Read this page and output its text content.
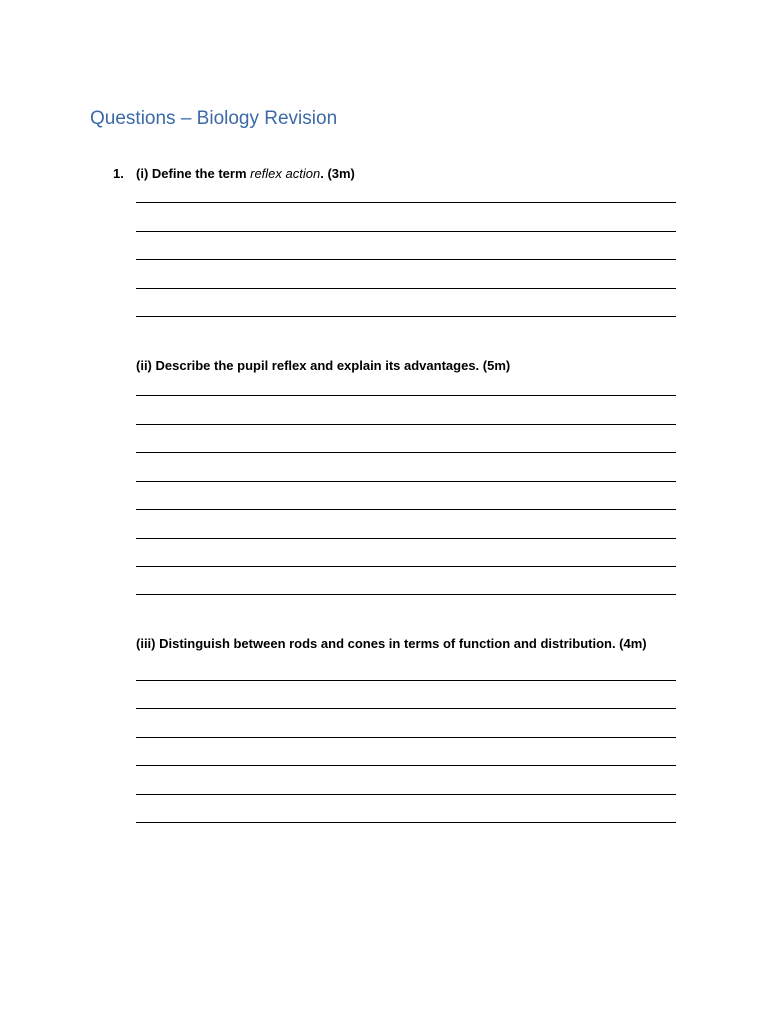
Questions – Biology Revision
1. (i) Define the term reflex action. (3m)
(ii) Describe the pupil reflex and explain its advantages. (5m)
(iii) Distinguish between rods and cones in terms of function and distribution. (4m)
